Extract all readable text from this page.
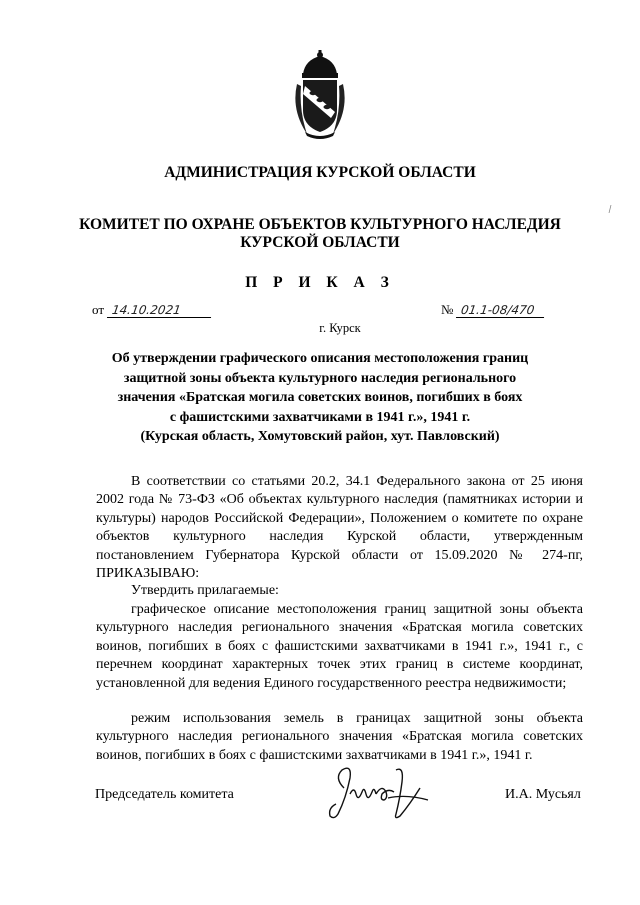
АДМИНИСТРАЦИЯ КУРСКОЙ ОБЛАСТИ
КОМИТЕТ ПО ОХРАНЕ ОБЪЕКТОВ КУЛЬТУРНОГО НАСЛЕДИЯ
КУРСКОЙ ОБЛАСТИ
П Р И К А З
от 14.10.2021	№ 01.1-08/470
г. Курск
Об утверждении графического описания местоположения границ
защитной зоны объекта культурного наследия регионального
значения «Братская могила советских воинов, погибших в боях
с фашистскими захватчиками в 1941 г.», 1941 г.
(Курская область, Хомутовский район, хут. Павловский)
В соответствии со статьями 20.2, 34.1 Федерального закона от 25 июня 2002 года № 73-ФЗ «Об объектах культурного наследия (памятниках истории и культуры) народов Российской Федерации», Положением о комитете по охране объектов культурного наследия Курской области, утвержденным постановлением Губернатора Курской области от 15.09.2020 № 274-пг, ПРИКАЗЫВАЮ:
Утвердить прилагаемые:
графическое описание местоположения границ защитной зоны объекта культурного наследия регионального значения «Братская могила советских воинов, погибших в боях с фашистскими захватчиками в 1941 г.», 1941 г., с перечнем координат характерных точек этих границ в системе координат, установленной для ведения Единого государственного реестра недвижимости;
режим использования земель в границах защитной зоны объекта культурного наследия регионального значения «Братская могила советских воинов, погибших в боях с фашистскими захватчиками в 1941 г.», 1941 г.
Председатель комитета	И.А. Мусьял
